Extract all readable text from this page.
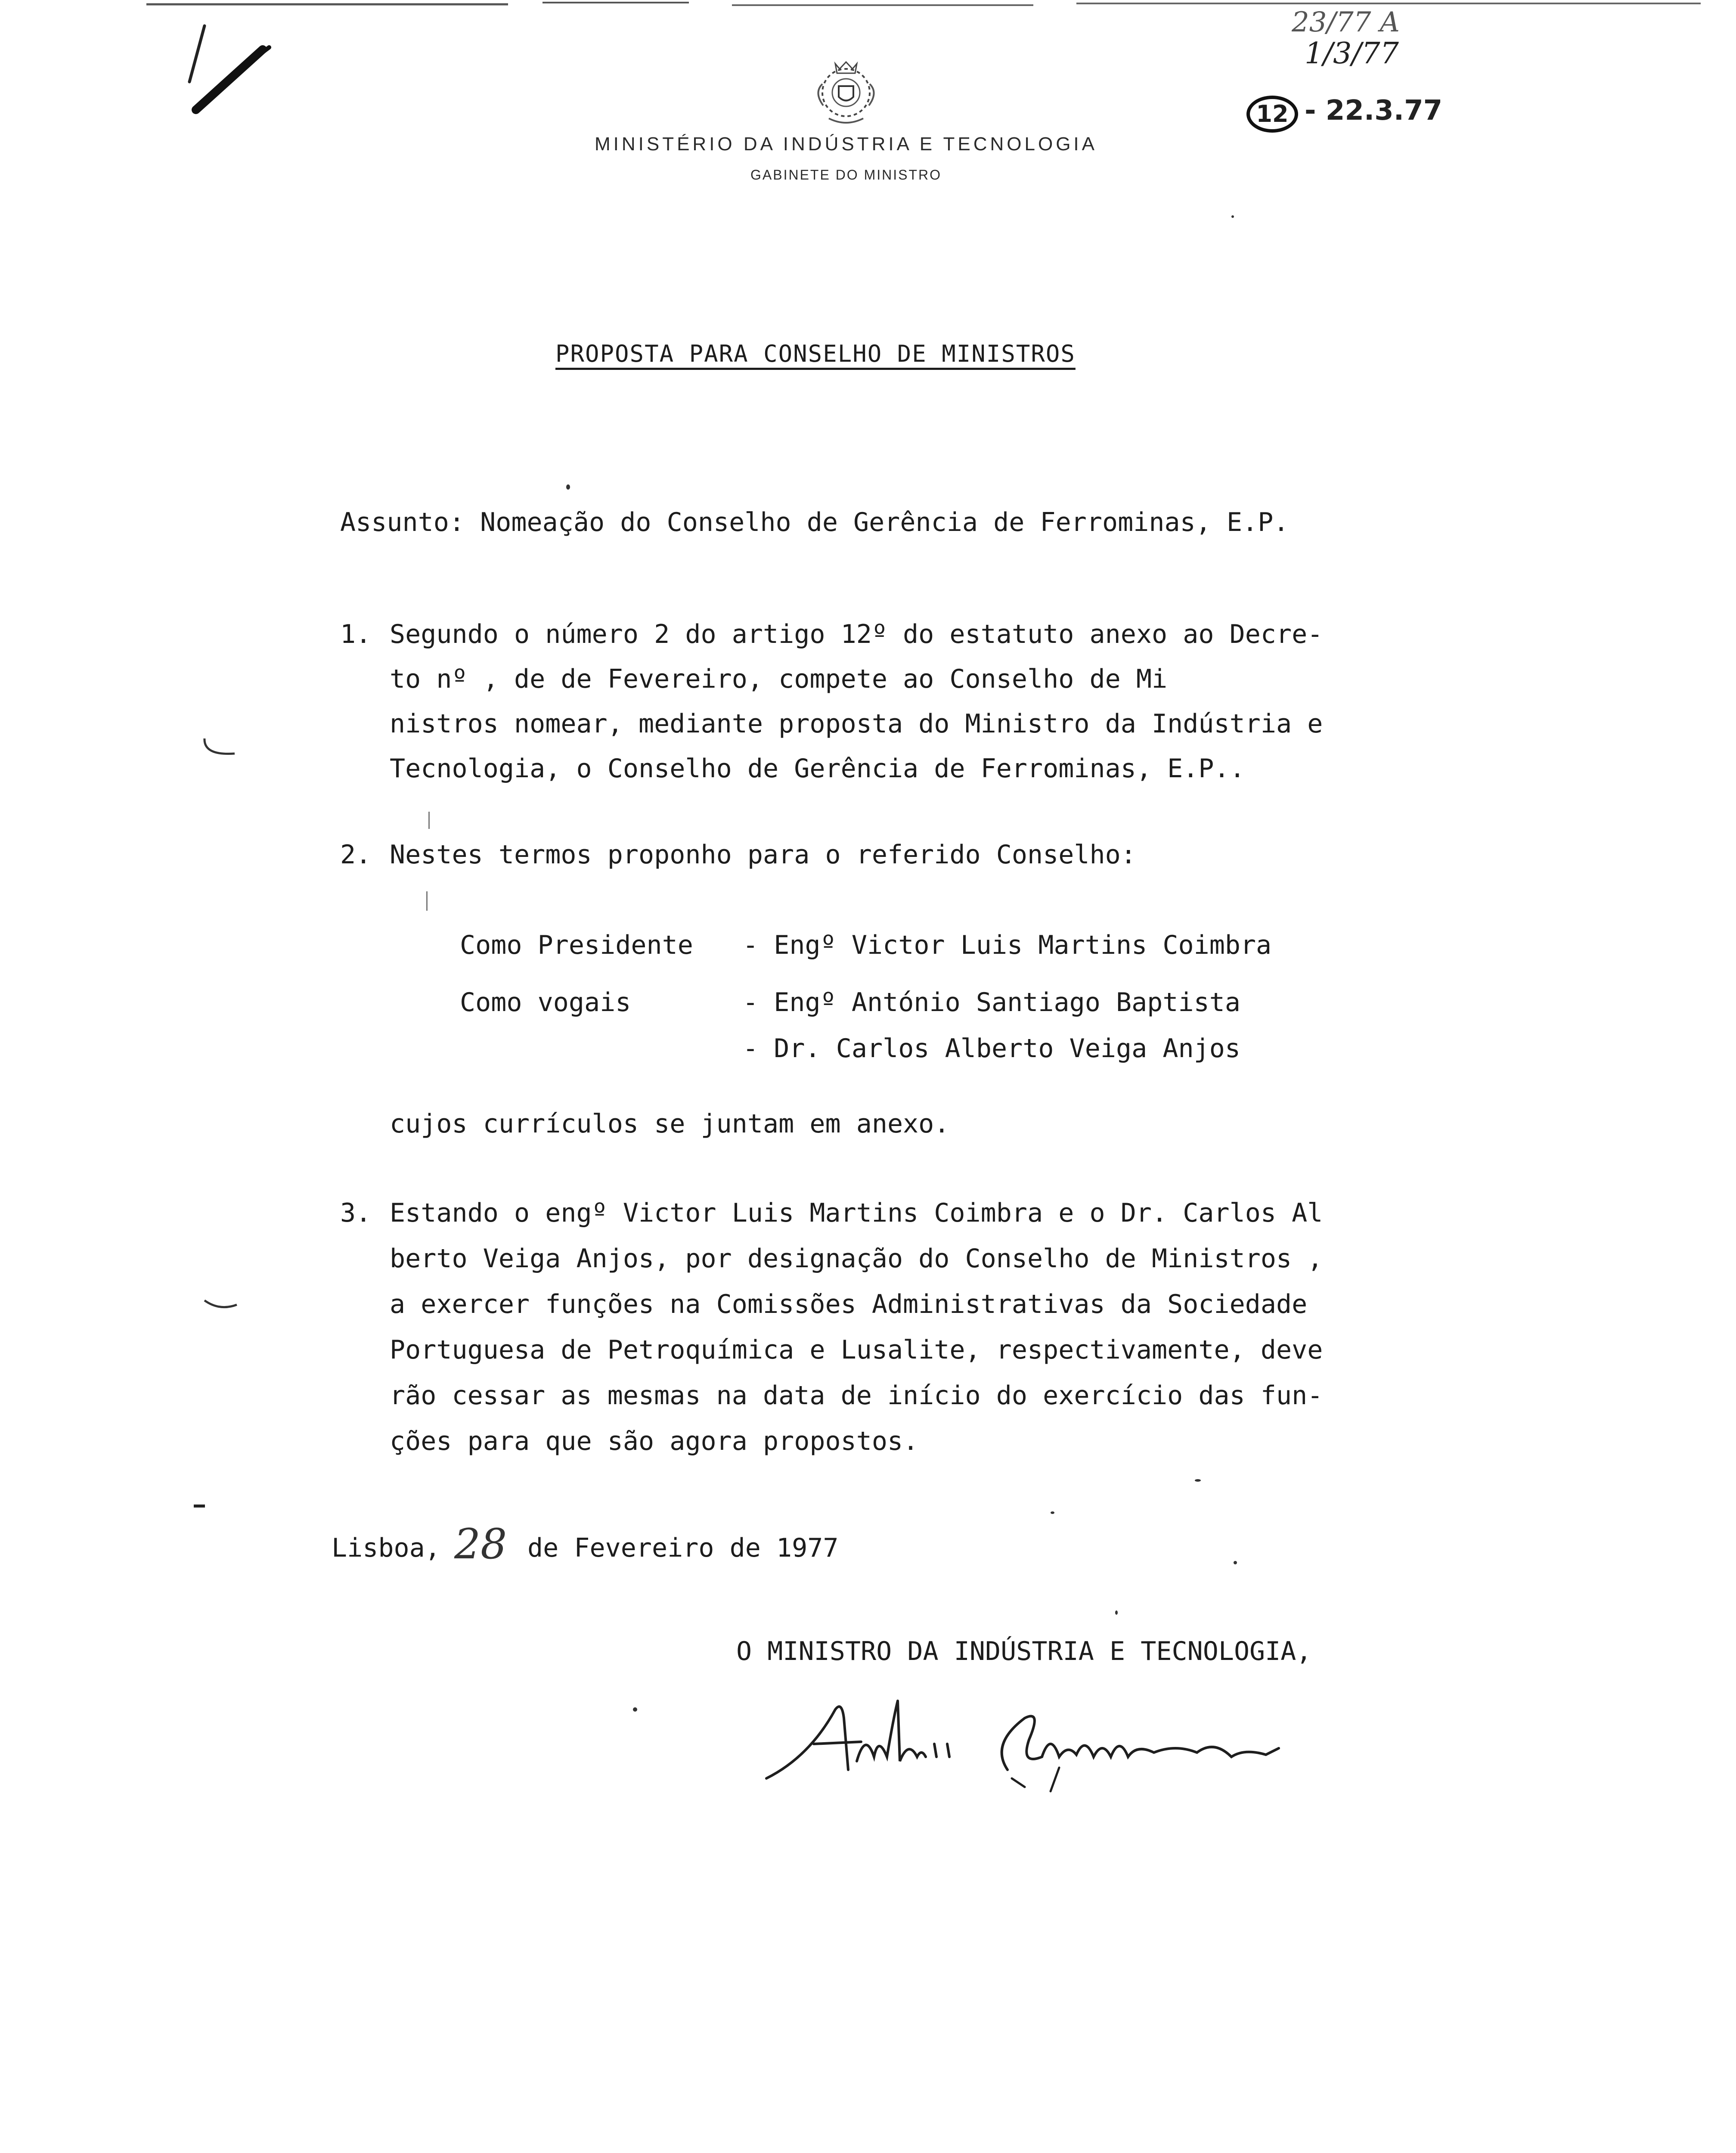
MINISTÉRIO DA INDÚSTRIA E TECNOLOGIA
GABINETE DO MINISTRO
23/77 A
1/3/77
12 - 22.3.77
PROPOSTA PARA CONSELHO DE MINISTROS
Assunto: Nomeação do Conselho de Gerência de Ferrominas, E.P.
1. Segundo o número 2 do artigo 12º do estatuto anexo ao Decre-
to nº , de de Fevereiro, compete ao Conselho de Mi
nistros nomear, mediante proposta do Ministro da Indústria e
Tecnologia, o Conselho de Gerência de Ferrominas, E.P..
2. Nestes termos proponho para o referido Conselho:
Como Presidente - Engº Victor Luis Martins Coimbra
Como vogais	- Engº António Santiago Baptista
- Dr. Carlos Alberto Veiga Anjos
cujos currículos se juntam em anexo.
3. Estando o engº Victor Luis Martins Coimbra e o Dr. Carlos Al
berto Veiga Anjos, por designação do Conselho de Ministros ,
a exercer funções na Comissões Administrativas da Sociedade
Portuguesa de Petroquímica e Lusalite, respectivamente, deve
rão cessar as mesmas na data de início do exercício das fun-
ções para que são agora propostos.
Lisboa, 28 de Fevereiro de 1977
O MINISTRO DA INDÚSTRIA E TECNOLOGIA,
